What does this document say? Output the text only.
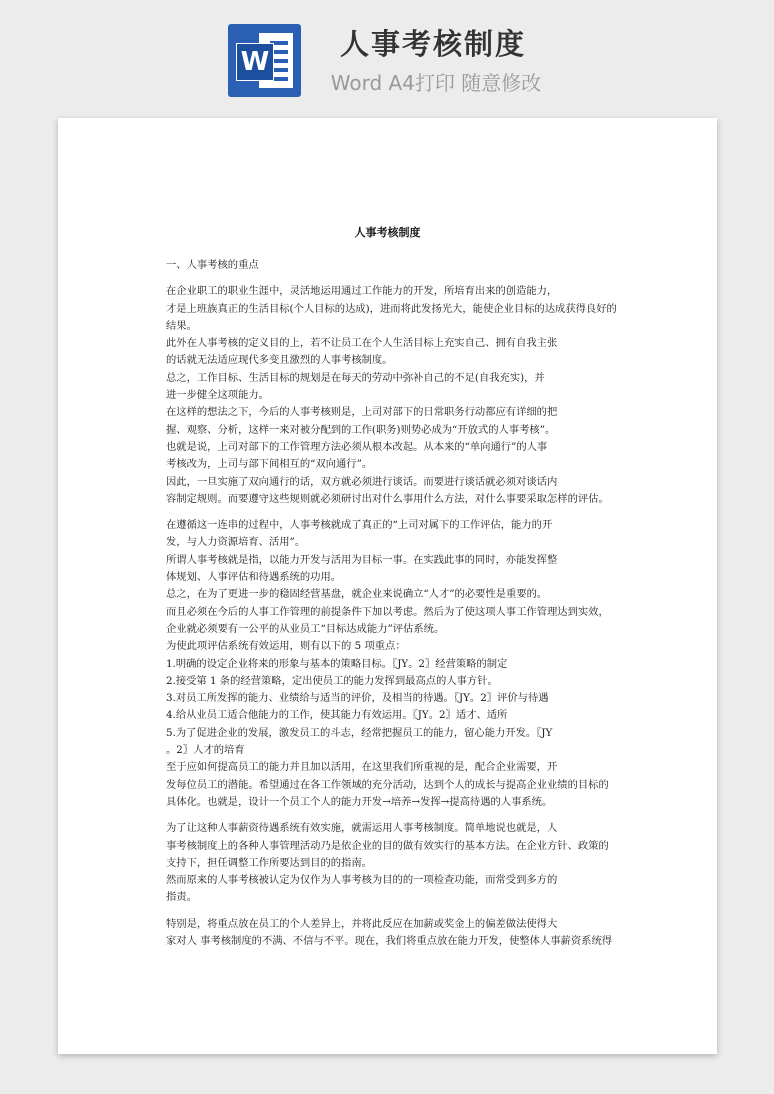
W
人事考核制度
Word A4打印 随意修改
人事考核制度
一、人事考核的重点
在企业职工的职业生涯中，灵活地运用通过工作能力的开发，所培育出来的创造能力，
才是上班族真正的生活目标(个人目标的达成)，进而将此发扬光大，能使企业目标的达成获得良好的
结果。
此外在人事考核的定义目的上，若不让员工在个人生活目标上充实自己、拥有自我主张
的话就无法适应现代多变且激烈的人事考核制度。
总之，工作目标、生活目标的规划是在每天的劳动中弥补自己的不足(自我充实)，并
进一步健全这项能力。
在这样的想法之下，今后的人事考核则是，上司对部下的日常职务行动都应有详细的把
握、观察、分析，这样一来对被分配到的工作(职务)则势必成为“开放式的人事考核”。
也就是说，上司对部下的工作管理方法必须从根本改起。从本来的“单向通行”的人事
考核改为，上司与部下间相互的“双向通行”。
因此，一旦实施了双向通行的话，双方就必须进行谈话。而要进行谈话就必须对谈话内
容制定规则。而要遵守这些规则就必须研讨出对什么事用什么方法，对什么事要采取怎样的评估。
在遵循这一连串的过程中，人事考核就成了真正的“上司对属下的工作评估，能力的开
发，与人力资源培育、活用”。
所谓人事考核就是指，以能力开发与活用为目标一事。在实践此事的同时，亦能发挥整
体规划、人事评估和待遇系统的功用。
总之，在为了更进一步的稳固经营基盘，就企业来说确立“人才”的必要性是重要的。
而且必须在今后的人事工作管理的前提条件下加以考虑。然后为了使这项人事工作管理达到实效，
企业就必须要有一公平的从业员工“目标达成能力”评估系统。
为使此项评估系统有效运用，则有以下的 5 项重点：
1.明确的设定企业将来的形象与基本的策略目标。〖JY。2〗经营策略的制定
2.接受第 1 条的经营策略，定出使员工的能力发挥到最高点的人事方针。
3.对员工所发挥的能力、业绩给与适当的评价，及相当的待遇。〖JY。2〗评价与待遇
4.给从业员工适合他能力的工作，使其能力有效运用。〖JY。2〗适才、适所
5.为了促进企业的发展，激发员工的斗志，经常把握员工的能力，留心能力开发。〖JY
。2〗人才的培育
至于应如何提高员工的能力并且加以活用，在这里我们所重视的是，配合企业需要，开
发每位员工的潜能。希望通过在各工作领域的充分活动，达到个人的成长与提高企业业绩的目标的
具体化。也就是，设计一个员工个人的能力开发→培养→发挥→提高待遇的人事系统。
为了让这种人事薪资待遇系统有效实施，就需运用人事考核制度。简单地说也就是，人
事考核制度上的各种人事管理活动乃是依企业的目的做有效实行的基本方法。在企业方针、政策的
支持下，担任调整工作所要达到目的的指南。
然而原来的人事考核被认定为仅作为人事考核为目的的一项检查功能，而常受到多方的
指责。
特别是，将重点放在员工的个人差异上，并将此反应在加薪或奖金上的偏差做法使得大
家对人 事考核制度的不满、不信与不平。现在，我们将重点放在能力开发，使整体人事薪资系统得
